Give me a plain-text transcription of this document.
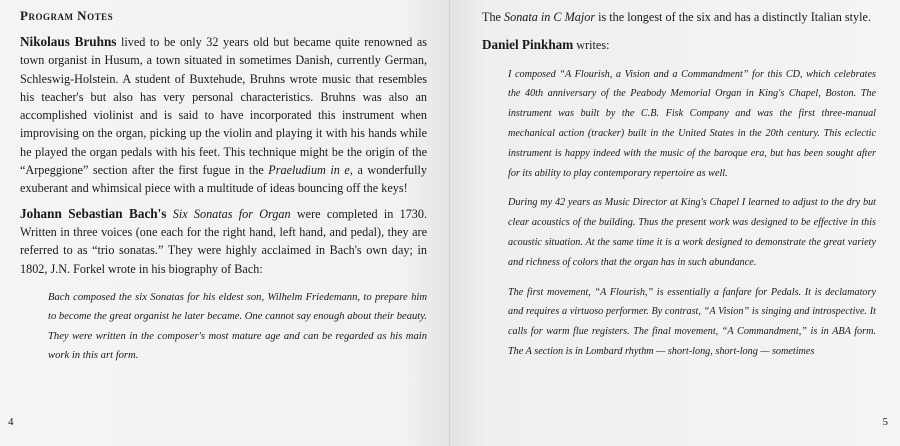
Program Notes

Nikolaus Bruhns lived to be only 32 years old but became quite renowned as town organist in Husum, a town situated in sometimes Danish, currently German, Schleswig-Holstein. A student of Buxtehude, Bruhns wrote music that resembles his teacher's but also has very personal characteristics. Bruhns was also an accomplished violinist and is said to have incorporated this instrument when improvising on the organ, picking up the violin and playing it with his hands while he played the organ pedals with his feet. This technique might be the origin of the “Arpeggione” section after the first fugue in the Praeludium in e, a wonderfully exuberant and whimsical piece with a multitude of ideas bouncing off the keys!

Johann Sebastian Bach's Six Sonatas for Organ were completed in 1730. Written in three voices (one each for the right hand, left hand, and pedal), they are referred to as “trio sonatas.” They were highly acclaimed in Bach's own day; in 1802, J.N. Forkel wrote in his biography of Bach:

Bach composed the six Sonatas for his eldest son, Wilhelm Friedemann, to prepare him to become the great organist he later became. One cannot say enough about their beauty. They were written in the composer's most mature age and can be regarded as his main work in this art form.

4

The Sonata in C Major is the longest of the six and has a distinctly Italian style.

Daniel Pinkham writes:

I composed “A Flourish, a Vision and a Commandment” for this CD, which celebrates the 40th anniversary of the Peabody Memorial Organ in King's Chapel, Boston. The instrument was built by the C.B. Fisk Company and was the first three-manual mechanical action (tracker) built in the United States in the 20th century. This eclectic instrument is happy indeed with the music of the baroque era, but has been sought after for its ability to play contemporary repertoire as well.

During my 42 years as Music Director at King's Chapel I learned to adjust to the dry but clear acoustics of the building. Thus the present work was designed to be effective in this acoustic situation. At the same time it is a work designed to demonstrate the great variety and richness of colors that the organ has in such abundance.

The first movement, “A Flourish,” is essentially a fanfare for Pedals. It is declamatory and requires a virtuoso performer. By contrast, “A Vision” is singing and introspective. It calls for warm flue registers. The final movement, “A Commandment,” is in ABA form. The A section is in Lombard rhythm — short-long, short-long — sometimes

5
